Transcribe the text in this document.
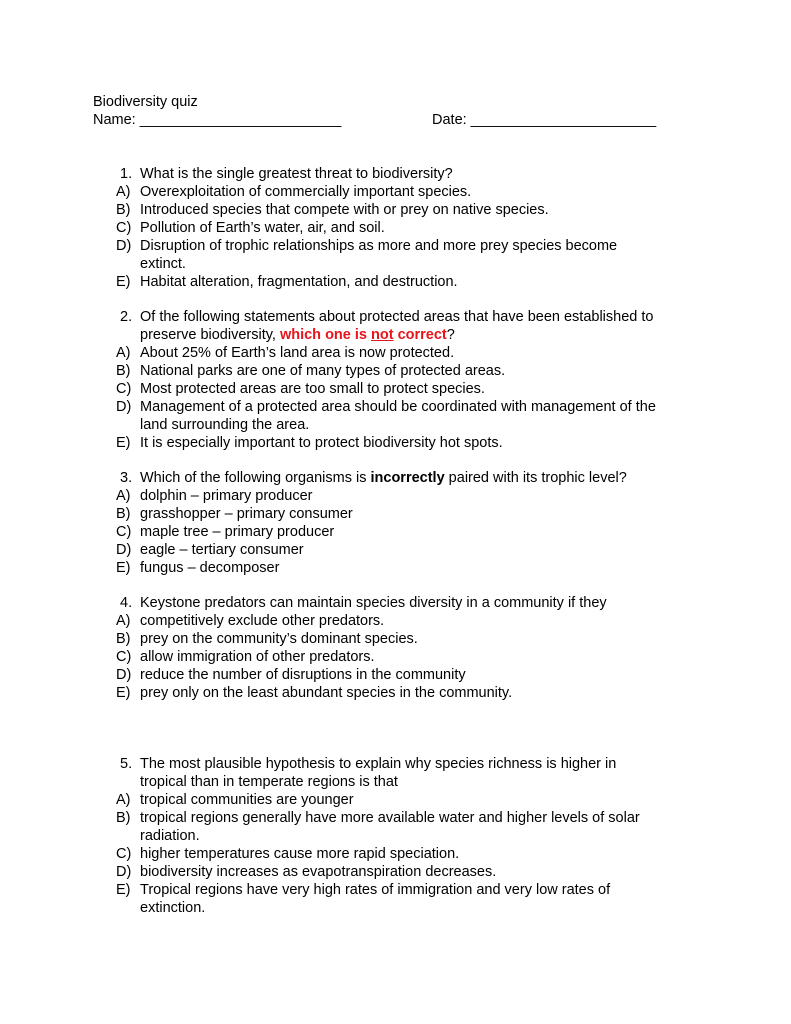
Biodiversity quiz
Name: _________________________	Date: _______________________
1. What is the single greatest threat to biodiversity?
A) Overexploitation of commercially important species.
B) Introduced species that compete with or prey on native species.
C) Pollution of Earth’s water, air, and soil.
D) Disruption of trophic relationships as more and more prey species become
extinct.
E) Habitat alteration, fragmentation, and destruction.
2. Of the following statements about protected areas that have been established to
preserve biodiversity, which one is not correct?
A) About 25% of Earth’s land area is now protected.
B) National parks are one of many types of protected areas.
C) Most protected areas are too small to protect species.
D) Management of a protected area should be coordinated with management of the
land surrounding the area.
E) It is especially important to protect biodiversity hot spots.
3. Which of the following organisms is incorrectly paired with its trophic level?
A) dolphin – primary producer
B) grasshopper – primary consumer
C) maple tree – primary producer
D) eagle – tertiary consumer
E) fungus – decomposer
4. Keystone predators can maintain species diversity in a community if they
A) competitively exclude other predators.
B) prey on the community’s dominant species.
C) allow immigration of other predators.
D) reduce the number of disruptions in the community
E) prey only on the least abundant species in the community.
5. The most plausible hypothesis to explain why species richness is higher in
tropical than in temperate regions is that
A) tropical communities are younger
B) tropical regions generally have more available water and higher levels of solar
radiation.
C) higher temperatures cause more rapid speciation.
D) biodiversity increases as evapotranspiration decreases.
E) Tropical regions have very high rates of immigration and very low rates of
extinction.
